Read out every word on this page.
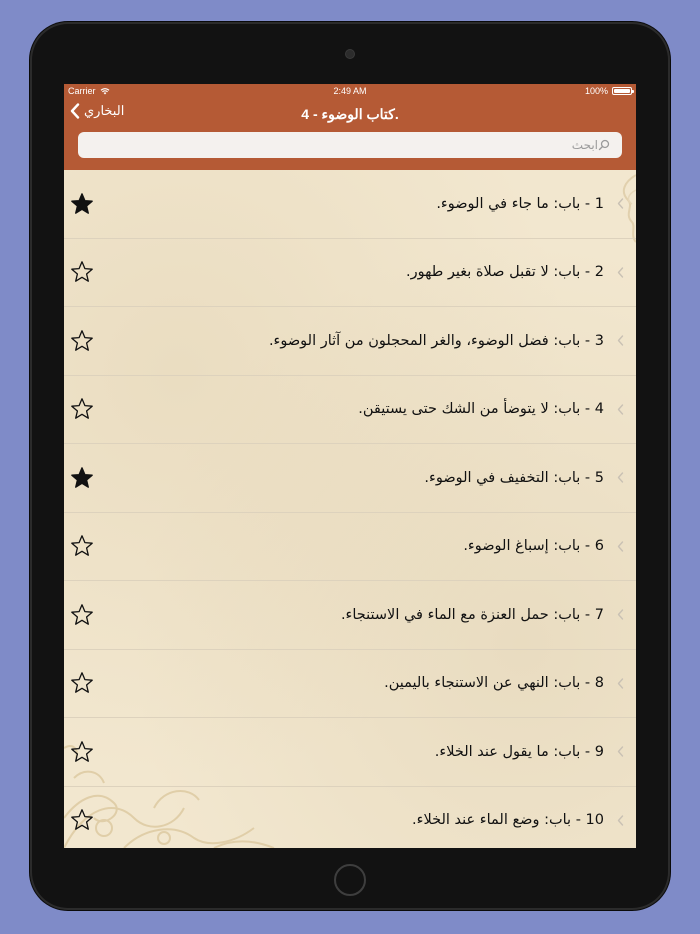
Carrier	2:49 AM	100%
البخاري	4 - كتاب الوضوء.
ابحث
1 - باب: ما جاء في الوضوء.
2 - باب: لا تقبل صلاة بغير طهور.
3 - باب: فضل الوضوء، والغر المحجلون من آثار الوضوء.
4 - باب: لا يتوضأ من الشك حتى يستيقن.
5 - باب: التخفيف في الوضوء.
6 - باب: إسباغ الوضوء.
7 - باب: حمل العنزة مع الماء في الاستنجاء.
8 - باب: النهي عن الاستنجاء باليمين.
9 - باب: ما يقول عند الخلاء.
10 - باب: وضع الماء عند الخلاء.
